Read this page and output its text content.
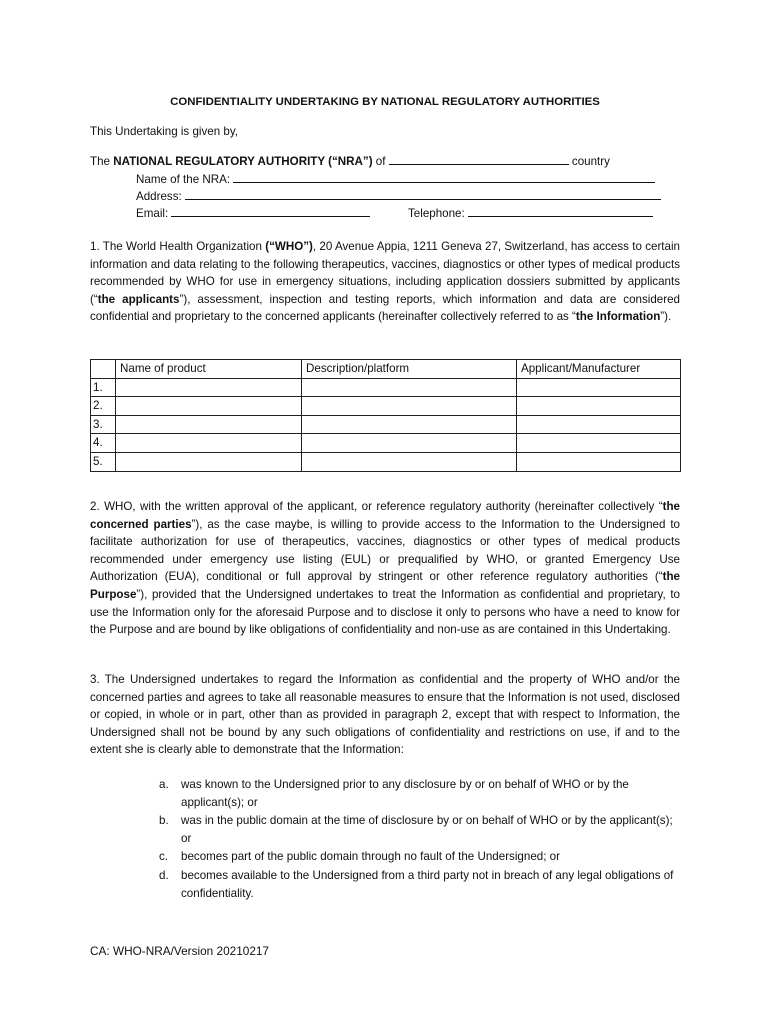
CONFIDENTIALITY UNDERTAKING BY NATIONAL REGULATORY AUTHORITIES
This Undertaking is given by,
The NATIONAL REGULATORY AUTHORITY (“NRA”) of	country
Name of the NRA:
Address:
Email:	Telephone:
1. The World Health Organization (“WHO”), 20 Avenue Appia, 1211 Geneva 27, Switzerland, has access to certain information and data relating to the following therapeutics, vaccines, diagnostics or other types of medical products recommended by WHO for use in emergency situations, including application dossiers submitted by applicants (“the applicants”), assessment, inspection and testing reports, which information and data are considered confidential and proprietary to the concerned applicants (hereinafter collectively referred to as “the Information”).
	Name of product	Description/platform	Applicant/Manufacturer
1.			
2.			
3.			
4.			
5.			
2. WHO, with the written approval of the applicant, or reference regulatory authority (hereinafter collectively “the concerned parties”), as the case maybe, is willing to provide access to the Information to the Undersigned to facilitate authorization for use of therapeutics, vaccines, diagnostics or other types of medical products recommended under emergency use listing (EUL) or prequalified by WHO, or granted Emergency Use Authorization (EUA), conditional or full approval by stringent or other reference regulatory authorities (“the Purpose”), provided that the Undersigned undertakes to treat the Information as confidential and proprietary, to use the Information only for the aforesaid Purpose and to disclose it only to persons who have a need to know for the Purpose and are bound by like obligations of confidentiality and non-use as are contained in this Undertaking.
3. The Undersigned undertakes to regard the Information as confidential and the property of WHO and/or the concerned parties and agrees to take all reasonable measures to ensure that the Information is not used, disclosed or copied, in whole or in part, other than as provided in paragraph 2, except that with respect to Information, the Undersigned shall not be bound by any such obligations of confidentiality and restrictions on use, if and to the extent she is clearly able to demonstrate that the Information:
a. was known to the Undersigned prior to any disclosure by or on behalf of WHO or by the applicant(s); or
b. was in the public domain at the time of disclosure by or on behalf of WHO or by the applicant(s); or
c. becomes part of the public domain through no fault of the Undersigned; or
d. becomes available to the Undersigned from a third party not in breach of any legal obligations of confidentiality.
CA: WHO-NRA/Version 20210217
